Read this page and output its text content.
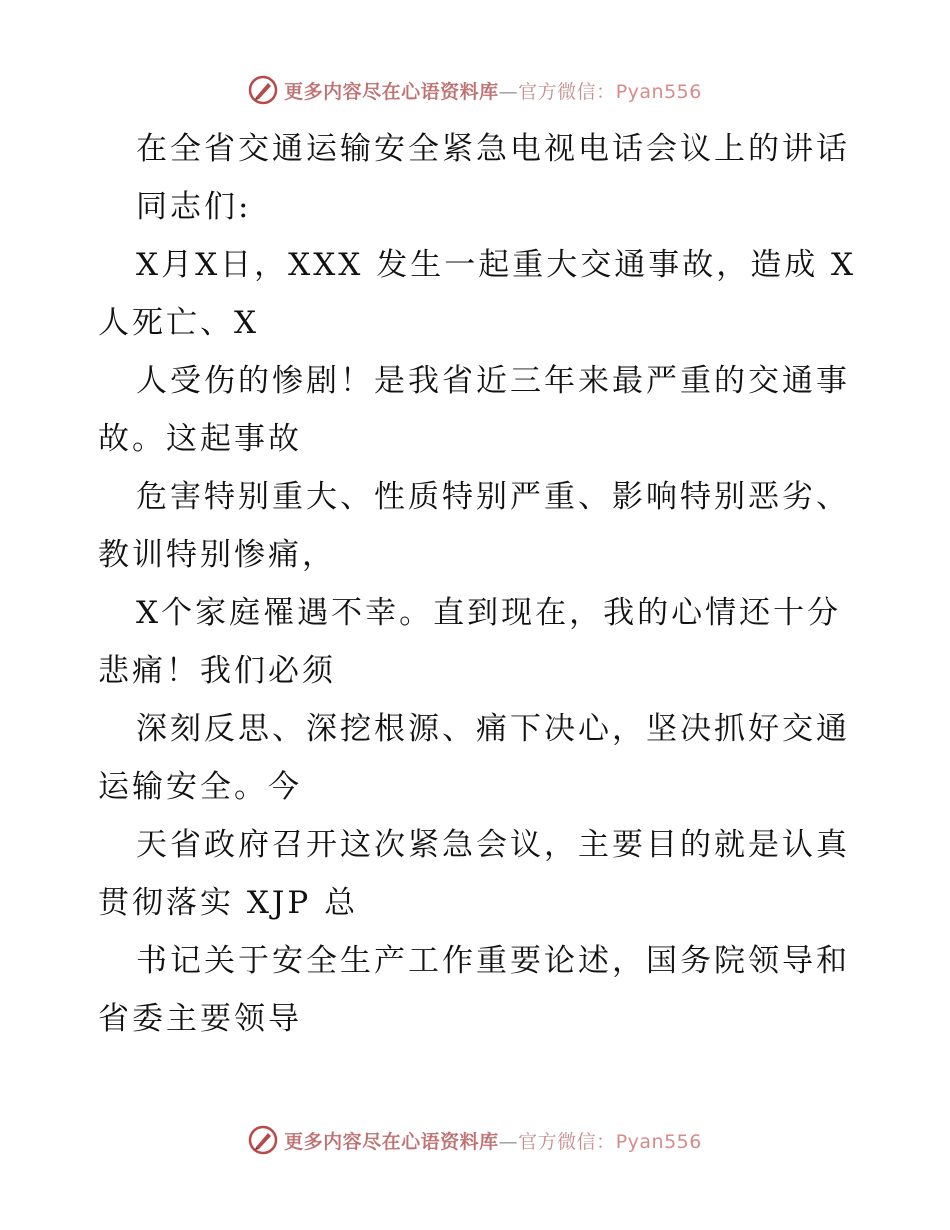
更多内容尽在心语资料库—官方微信：Pyan556

在全省交通运输安全紧急电视电话会议上的讲话

同志们:

X月X日，XXX 发生一起重大交通事故，造成 X 人死亡、X

人受伤的惨剧！是我省近三年来最严重的交通事故。这起事故

危害特别重大、性质特别严重、影响特别恶劣、教训特别惨痛，

X个家庭罹遇不幸。直到现在，我的心情还十分悲痛！我们必须

深刻反思、深挖根源、痛下决心，坚决抓好交通运输安全。今

天省政府召开这次紧急会议，主要目的就是认真贯彻落实 XJP 总

书记关于安全生产工作重要论述，国务院领导和省委主要领导

更多内容尽在心语资料库—官方微信：Pyan556
